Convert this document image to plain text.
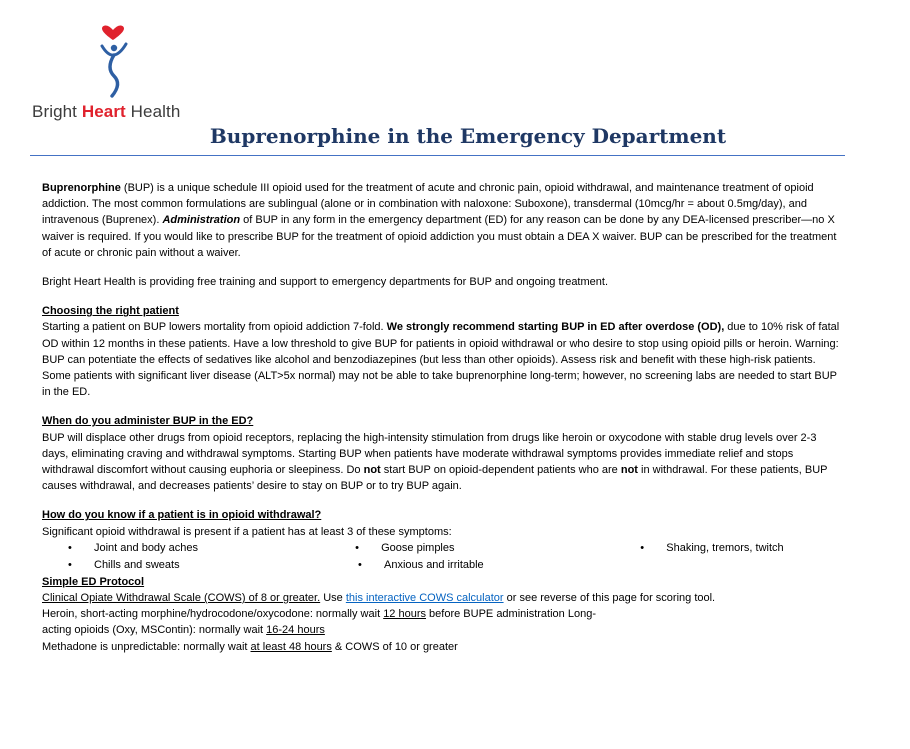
Bright Heart Health
Buprenorphine in the Emergency Department

Buprenorphine (BUP) is a unique schedule III opioid used for the treatment of acute and chronic pain, opioid withdrawal, and maintenance treatment of opioid addiction. The most common formulations are sublingual (alone or in combination with naloxone: Suboxone), transdermal (10mcg/hr = about 0.5mg/day), and intravenous (Buprenex). Administration of BUP in any form in the emergency department (ED) for any reason can be done by any DEA-licensed prescriber—no X waiver is required. If you would like to prescribe BUP for the treatment of opioid addiction you must obtain a DEA X waiver. BUP can be prescribed for the treatment of acute or chronic pain without a waiver.

Bright Heart Health is providing free training and support to emergency departments for BUP and ongoing treatment.

Choosing the right patient

Starting a patient on BUP lowers mortality from opioid addiction 7-fold. We strongly recommend starting BUP in ED after overdose (OD), due to 10% risk of fatal OD within 12 months in these patients. Have a low threshold to give BUP for patients in opioid withdrawal or who desire to stop using opioid pills or heroin. Warning: BUP can potentiate the effects of sedatives like alcohol and benzodiazepines (but less than other opioids). Assess risk and benefit with these high-risk patients. Some patients with significant liver disease (ALT>5x normal) may not be able to take buprenorphine long-term; however, no screening labs are needed to start BUP in the ED.

When do you administer BUP in the ED?

BUP will displace other drugs from opioid receptors, replacing the high-intensity stimulation from drugs like heroin or oxycodone with stable drug levels over 2-3 days, eliminating craving and withdrawal symptoms. Starting BUP when patients have moderate withdrawal symptoms provides immediate relief and stops withdrawal discomfort without causing euphoria or sleepiness. Do not start BUP on opioid-dependent patients who are not in withdrawal. For these patients, BUP causes withdrawal, and decreases patients’ desire to stay on BUP or to try BUP again.

How do you know if a patient is in opioid withdrawal?

Significant opioid withdrawal is present if a patient has at least 3 of these symptoms:

• Joint and body aches	• Goose pimples	• Shaking, tremors, twitch
• Chills and sweats	• Anxious and irritable

Simple ED Protocol

Clinical Opiate Withdrawal Scale (COWS) of 8 or greater. Use this interactive COWS calculator or see reverse of this page for scoring tool.

Heroin, short-acting morphine/hydrocodone/oxycodone: normally wait 12 hours before BUPE administration Long-

acting opioids (Oxy, MSContin): normally wait 16-24 hours

Methadone is unpredictable: normally wait at least 48 hours & COWS of 10 or greater
